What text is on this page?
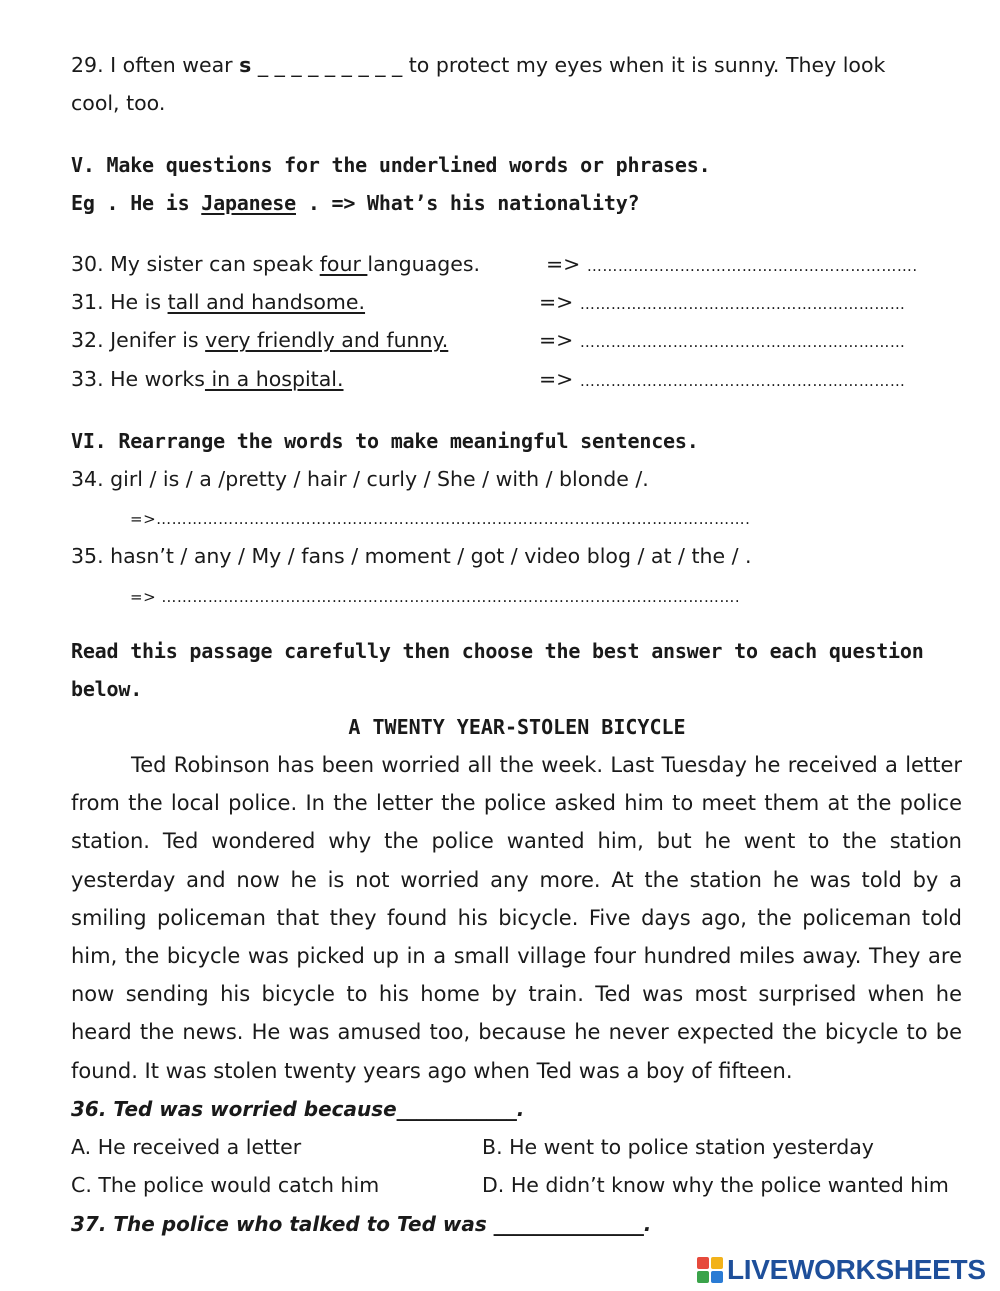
29. I often wear s _ _ _ _ _ _ _ _ _ to protect my eyes when it is sunny. They look
cool, too.
V. Make questions for the underlined words or phrases.
Eg . He is Japanese . => What’s his nationality?
30. My sister can speak four languages.	=> ……………………………………………………….
31. He is tall and handsome.	=> ………………………………………………………
32. Jenifer is very friendly and funny.	=> ………………………………………………………
33. He works in a hospital.	=> ………………………………………………………
VI. Rearrange the words to make meaningful sentences.
34. girl / is / a /pretty / hair / curly / She / with / blonde /.
=>…………………………………………………………………………………………………….
35. hasn’t / any / My / fans / moment / got / video blog / at / the / .
=> ………………………………………………………………………………………………….
Read this passage carefully then choose the best answer to each question
below.
A TWENTY YEAR-STOLEN BICYCLE
Ted Robinson has been worried all the week. Last Tuesday he received a letter from the local police. In the letter the police asked him to meet them at the police station. Ted wondered why the police wanted him, but he went to the station yesterday and now he is not worried any more. At the station he was told by a smiling policeman that they found his bicycle. Five days ago, the policeman told him, the bicycle was picked up in a small village four hundred miles away. They are now sending his bicycle to his home by train. Ted was most surprised when he heard the news. He was amused too, because he never expected the bicycle to be found. It was stolen twenty years ago when Ted was a boy of fifteen.
36. Ted was worried because____________.
A. He received a letter	B. He went to police station yesterday
C. The police would catch him	D. He didn’t know why the police wanted him
37. The police who talked to Ted was _______________.
LIVEWORKSHEETS
